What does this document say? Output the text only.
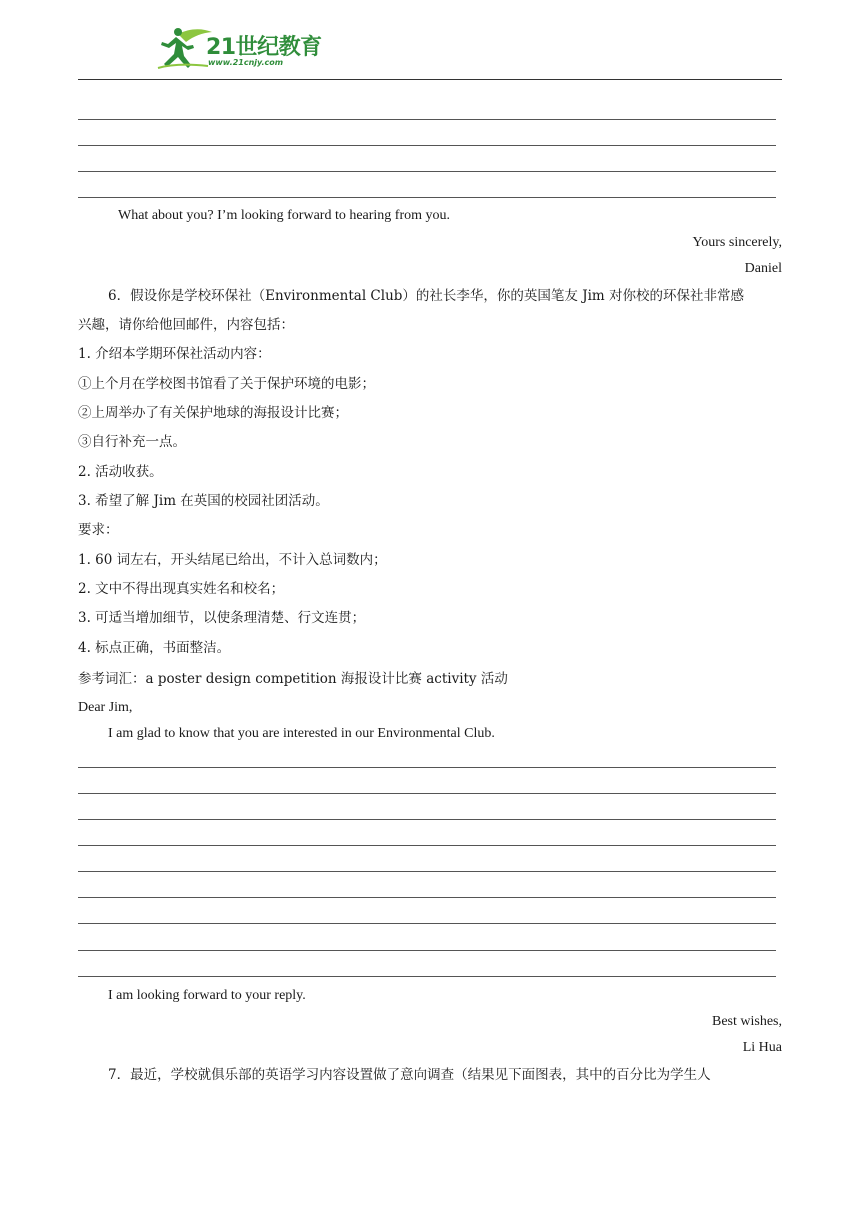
21世纪教育
www.21cnjy.com
What about you? I’m looking forward to hearing from you.
Yours sincerely,
Daniel
6．假设你是学校环保社（Environmental Club）的社长李华，你的英国笔友 Jim 对你校的环保社非常感
兴趣，请你给他回邮件，内容包括：
1. 介绍本学期环保社活动内容：
①上个月在学校图书馆看了关于保护环境的电影；
②上周举办了有关保护地球的海报设计比赛；
③自行补充一点。
2. 活动收获。
3. 希望了解 Jim 在英国的校园社团活动。
要求：
1. 60 词左右，开头结尾已给出，不计入总词数内；
2. 文中不得出现真实姓名和校名；
3. 可适当增加细节，以使条理清楚、行文连贯；
4. 标点正确，书面整洁。
参考词汇：a poster design competition 海报设计比赛 activity 活动
Dear Jim,
I am glad to know that you are interested in our Environmental Club.
I am looking forward to your reply.
Best wishes,
Li Hua
7．最近，学校就俱乐部的英语学习内容设置做了意向调查（结果见下面图表，其中的百分比为学生人
